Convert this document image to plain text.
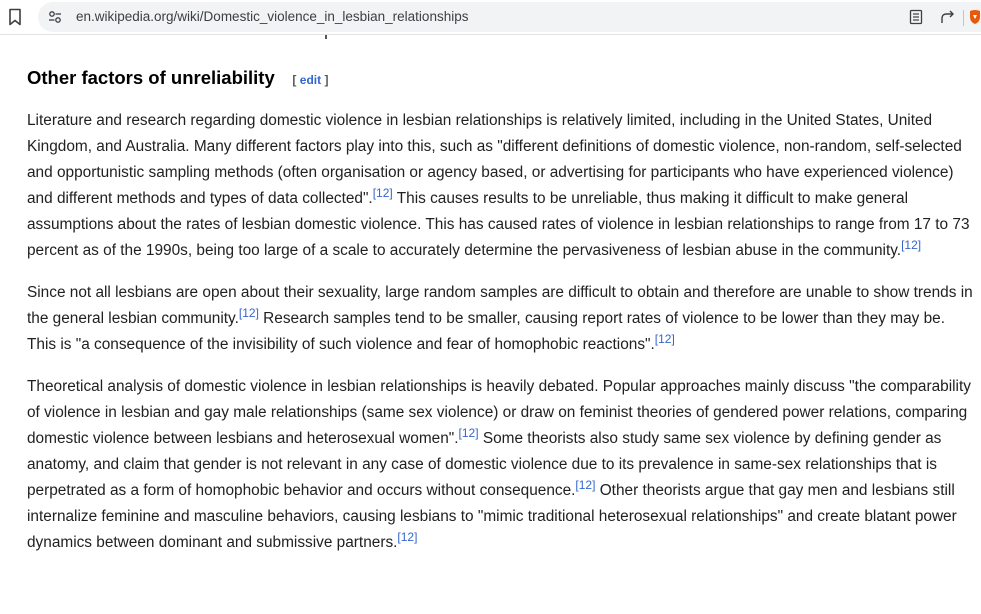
en.wikipedia.org/wiki/Domestic_violence_in_lesbian_relationships
Other factors of unreliability [ edit ]

Literature and research regarding domestic violence in lesbian relationships is relatively limited, including in the United States, United Kingdom, and Australia. Many different factors play into this, such as "different definitions of domestic violence, non-random, self-selected and opportunistic sampling methods (often organisation or agency based, or advertising for participants who have experienced violence) and different methods and types of data collected".[12] This causes results to be unreliable, thus making it difficult to make general assumptions about the rates of lesbian domestic violence. This has caused rates of violence in lesbian relationships to range from 17 to 73 percent as of the 1990s, being too large of a scale to accurately determine the pervasiveness of lesbian abuse in the community.[12]

Since not all lesbians are open about their sexuality, large random samples are difficult to obtain and therefore are unable to show trends in the general lesbian community.[12] Research samples tend to be smaller, causing report rates of violence to be lower than they may be. This is "a consequence of the invisibility of such violence and fear of homophobic reactions".[12]

Theoretical analysis of domestic violence in lesbian relationships is heavily debated. Popular approaches mainly discuss "the comparability of violence in lesbian and gay male relationships (same sex violence) or draw on feminist theories of gendered power relations, comparing domestic violence between lesbians and heterosexual women".[12] Some theorists also study same sex violence by defining gender as anatomy, and claim that gender is not relevant in any case of domestic violence due to its prevalence in same-sex relationships that is perpetrated as a form of homophobic behavior and occurs without consequence.[12] Other theorists argue that gay men and lesbians still internalize feminine and masculine behaviors, causing lesbians to "mimic traditional heterosexual relationships" and create blatant power dynamics between dominant and submissive partners.[12]
